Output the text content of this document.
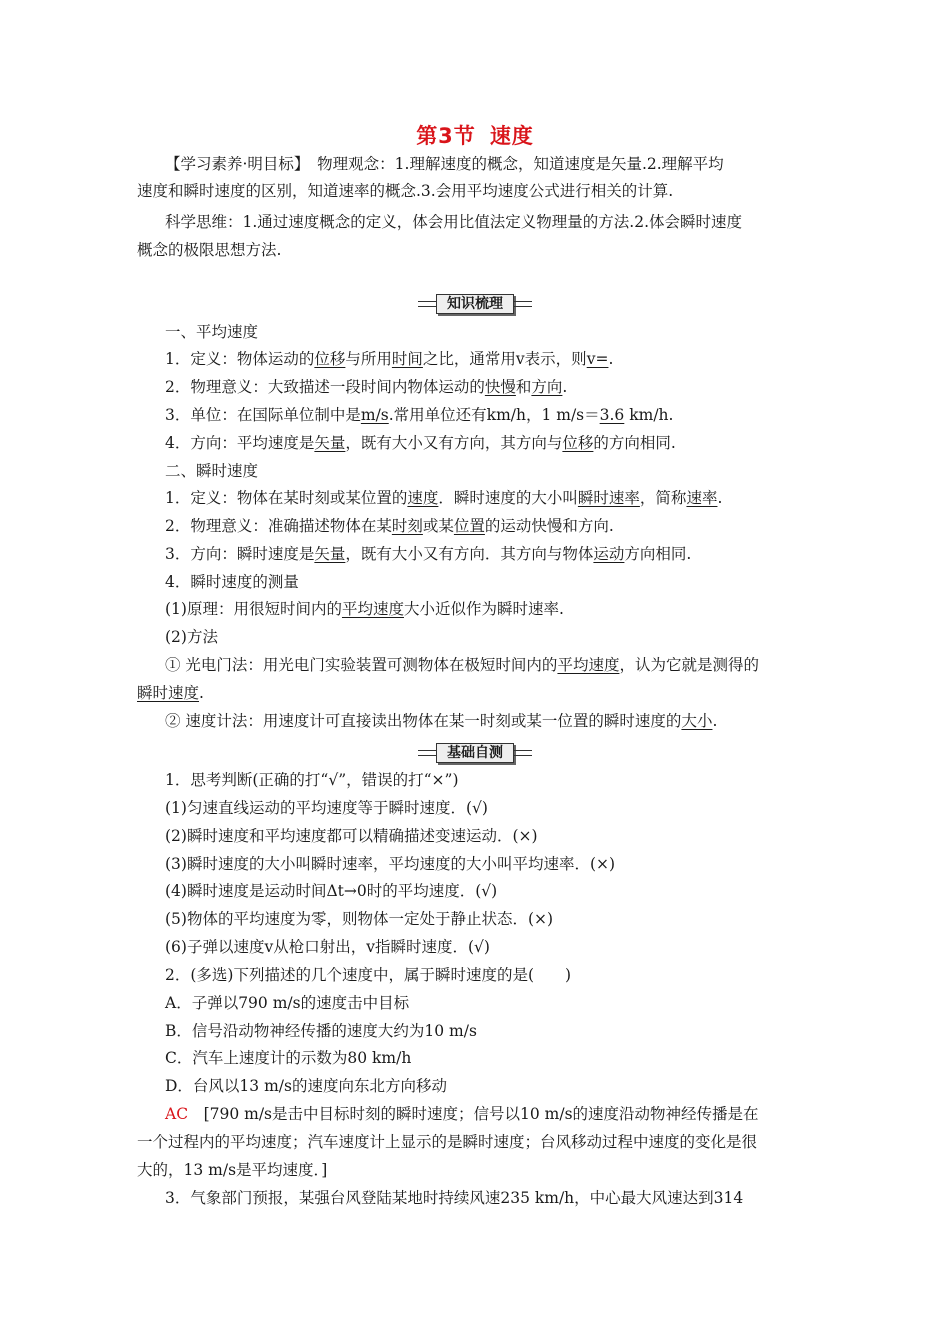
第3节 速度
【学习素养·明目标】　物理观念：1.理解速度的概念，知道速度是矢量.2.理解平均
速度和瞬时速度的区别，知道速率的概念.3.会用平均速度公式进行相关的计算.
科学思维：1.通过速度概念的定义，体会用比值法定义物理量的方法.2.体会瞬时速度
概念的极限思想方法.
知识梳理
一、平均速度
1．定义：物体运动的位移与所用时间之比，通常用v表示，则v=.
2．物理意义：大致描述一段时间内物体运动的快慢和方向.
3．单位：在国际单位制中是m/s.常用单位还有km/h，1 m/s＝3.6 km/h.
4．方向：平均速度是矢量，既有大小又有方向，其方向与位移的方向相同.
二、瞬时速度
1．定义：物体在某时刻或某位置的速度．瞬时速度的大小叫瞬时速率，简称速率.
2．物理意义：准确描述物体在某时刻或某位置的运动快慢和方向.
3．方向：瞬时速度是矢量，既有大小又有方向．其方向与物体运动方向相同.
4．瞬时速度的测量
(1)原理：用很短时间内的平均速度大小近似作为瞬时速率.
(2)方法
① 光电门法：用光电门实验装置可测物体在极短时间内的平均速度，认为它就是测得的
瞬时速度.
② 速度计法：用速度计可直接读出物体在某一时刻或某一位置的瞬时速度的大小.
基础自测
1．思考判断(正确的打“√”，错误的打“×”)
(1)匀速直线运动的平均速度等于瞬时速度．(√)
(2)瞬时速度和平均速度都可以精确描述变速运动．(×)
(3)瞬时速度的大小叫瞬时速率，平均速度的大小叫平均速率．(×)
(4)瞬时速度是运动时间Δt→0时的平均速度．(√)
(5)物体的平均速度为零，则物体一定处于静止状态．(×)
(6)子弹以速度v从枪口射出，v指瞬时速度．(√)
2．(多选)下列描述的几个速度中，属于瞬时速度的是(　　)
A．子弹以790 m/s的速度击中目标
B．信号沿动物神经传播的速度大约为10 m/s
C．汽车上速度计的示数为80 km/h
D．台风以13 m/s的速度向东北方向移动
AC　[790 m/s是击中目标时刻的瞬时速度；信号以10 m/s的速度沿动物神经传播是在
一个过程内的平均速度；汽车速度计上显示的是瞬时速度；台风移动过程中速度的变化是很
大的，13 m/s是平均速度．]
3．气象部门预报，某强台风登陆某地时持续风速235 km/h，中心最大风速达到314
